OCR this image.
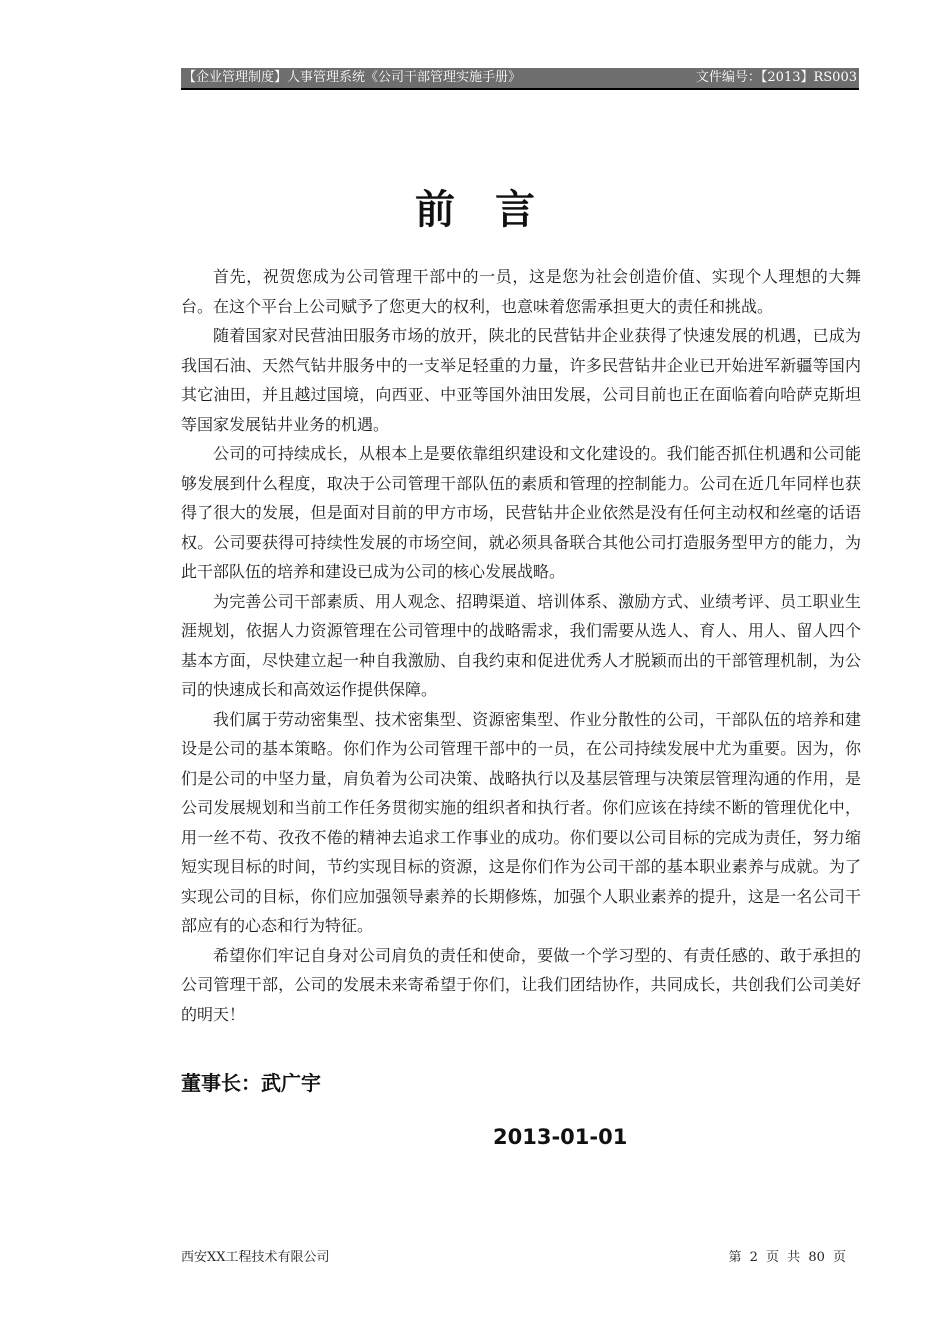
【企业管理制度】人事管理系统《公司干部管理实施手册》	文件编号：【2013】RS003
前言

首先，祝贺您成为公司管理干部中的一员，这是您为社会创造价值、实现个人理想的大舞台。在这个平台上公司赋予了您更大的权利，也意味着您需承担更大的责任和挑战。

随着国家对民营油田服务市场的放开，陕北的民营钻井企业获得了快速发展的机遇，已成为我国石油、天然气钻井服务中的一支举足轻重的力量，许多民营钻井企业已开始进军新疆等国内其它油田，并且越过国境，向西亚、中亚等国外油田发展，公司目前也正在面临着向哈萨克斯坦等国家发展钻井业务的机遇。

公司的可持续成长，从根本上是要依靠组织建设和文化建设的。我们能否抓住机遇和公司能够发展到什么程度，取决于公司管理干部队伍的素质和管理的控制能力。公司在近几年同样也获得了很大的发展，但是面对目前的甲方市场，民营钻井企业依然是没有任何主动权和丝毫的话语权。公司要获得可持续性发展的市场空间，就必须具备联合其他公司打造服务型甲方的能力，为此干部队伍的培养和建设已成为公司的核心发展战略。

为完善公司干部素质、用人观念、招聘渠道、培训体系、激励方式、业绩考评、员工职业生涯规划，依据人力资源管理在公司管理中的战略需求，我们需要从选人、育人、用人、留人四个基本方面，尽快建立起一种自我激励、自我约束和促进优秀人才脱颖而出的干部管理机制，为公司的快速成长和高效运作提供保障。

我们属于劳动密集型、技术密集型、资源密集型、作业分散性的公司，干部队伍的培养和建设是公司的基本策略。你们作为公司管理干部中的一员，在公司持续发展中尤为重要。因为，你们是公司的中坚力量，肩负着为公司决策、战略执行以及基层管理与决策层管理沟通的作用，是公司发展规划和当前工作任务贯彻实施的组织者和执行者。你们应该在持续不断的管理优化中，用一丝不苟、孜孜不倦的精神去追求工作事业的成功。你们要以公司目标的完成为责任，努力缩短实现目标的时间，节约实现目标的资源，这是你们作为公司干部的基本职业素养与成就。为了实现公司的目标，你们应加强领导素养的长期修炼，加强个人职业素养的提升，这是一名公司干部应有的心态和行为特征。

希望你们牢记自身对公司肩负的责任和使命，要做一个学习型的、有责任感的、敢于承担的公司管理干部，公司的发展未来寄希望于你们，让我们团结协作，共同成长，共创我们公司美好的明天！

董事长：武广宇
2013-01-01
西安XX工程技术有限公司	第 2 页 共 80 页
